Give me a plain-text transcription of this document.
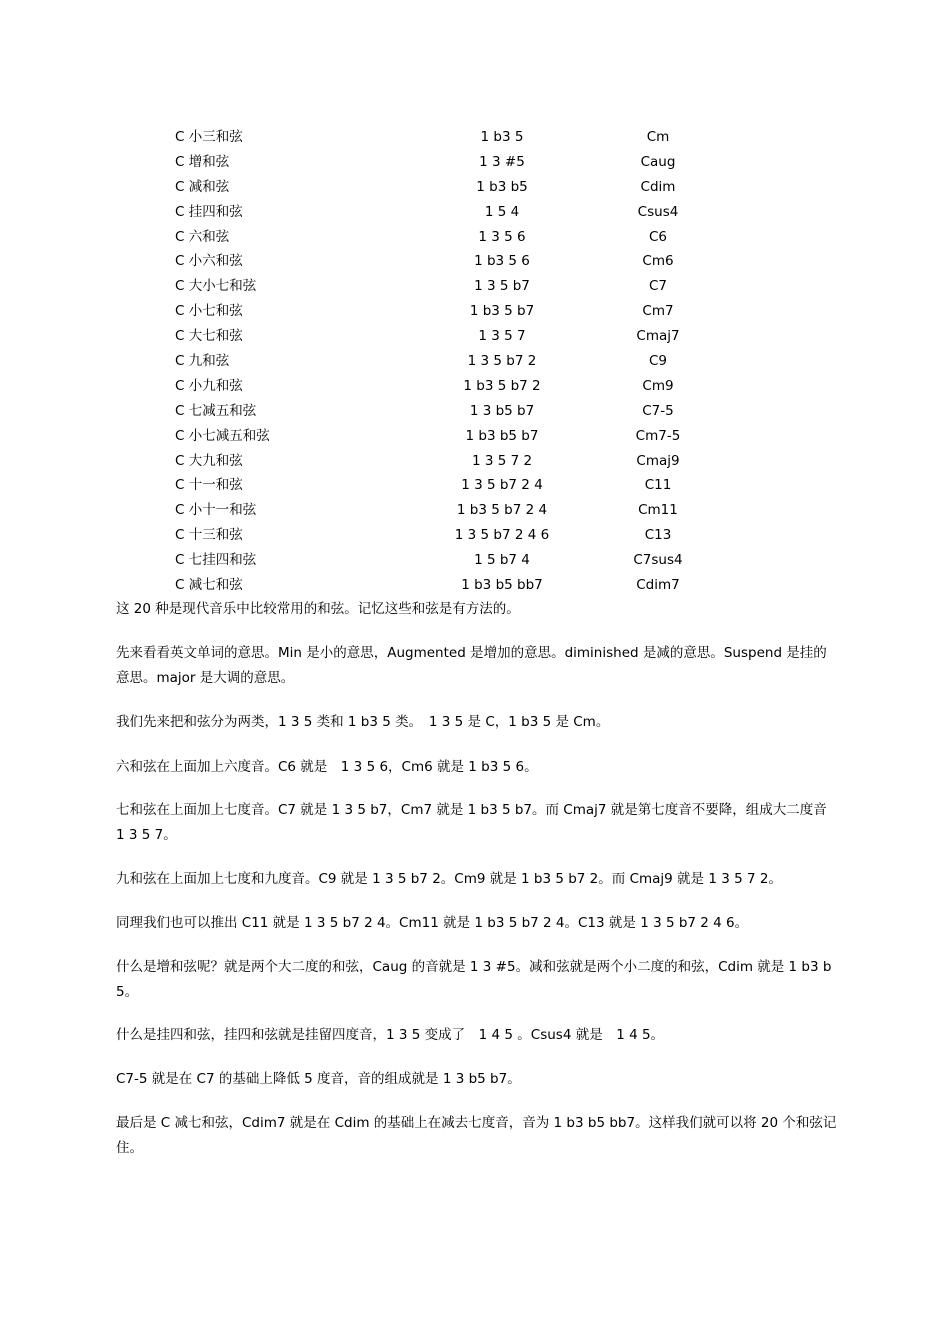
C 小三和弦	1 b3 5	Cm
C 增和弦	1 3 #5	Caug
C 减和弦	1 b3 b5	Cdim
C 挂四和弦	1 5 4	Csus4
C 六和弦	1 3 5 6	C6
C 小六和弦	1 b3 5 6	Cm6
C 大小七和弦	1 3 5 b7	C7
C 小七和弦	1 b3 5 b7	Cm7
C 大七和弦	1 3 5 7	Cmaj7
C 九和弦	1 3 5 b7 2	C9
C 小九和弦	1 b3 5 b7 2	Cm9
C 七减五和弦	1 3 b5 b7	C7-5
C 小七减五和弦	1 b3 b5 b7	Cm7-5
C 大九和弦	1 3 5 7 2	Cmaj9
C 十一和弦	1 3 5 b7 2 4	C11
C 小十一和弦	1 b3 5 b7 2 4	Cm11
C 十三和弦	1 3 5 b7 2 4 6	C13
C 七挂四和弦	1 5 b7 4	C7sus4
C 减七和弦	1 b3 b5 bb7	Cdim7

这 20 种是现代音乐中比较常用的和弦。记忆这些和弦是有方法的。

先来看看英文单词的意思。Min 是小的意思，Augmented 是增加的意思。diminished 是减的意思。Suspend 是挂的意思。major 是大调的意思。

我们先来把和弦分为两类，1 3 5 类和 1 b3 5 类。　1 3 5 是 C，1 b3 5 是 Cm。

六和弦在上面加上六度音。C6 就是　1 3 5 6，Cm6 就是 1 b3 5 6。

七和弦在上面加上七度音。C7 就是 1 3 5 b7，Cm7 就是 1 b3 5 b7。而 Cmaj7 就是第七度音不要降，组成大二度音 1 3 5 7。

九和弦在上面加上七度和九度音。C9 就是 1 3 5 b7 2。Cm9 就是 1 b3 5 b7 2。而 Cmaj9 就是 1 3 5 7 2。

同理我们也可以推出 C11 就是 1 3 5 b7 2 4。Cm11 就是 1 b3 5 b7 2 4。C13 就是 1 3 5 b7 2 4 6。

什么是增和弦呢？就是两个大二度的和弦，Caug 的音就是 1 3 #5。减和弦就是两个小二度的和弦，Cdim 就是 1 b3 b5。

什么是挂四和弦，挂四和弦就是挂留四度音，1 3 5 变成了　1 4 5 。Csus4 就是　1 4 5。

C7-5 就是在 C7 的基础上降低 5 度音，音的组成就是 1 3 b5 b7。

最后是 C 减七和弦，Cdim7 就是在 Cdim 的基础上在减去七度音，音为 1 b3 b5 bb7。这样我们就可以将 20 个和弦记住。
